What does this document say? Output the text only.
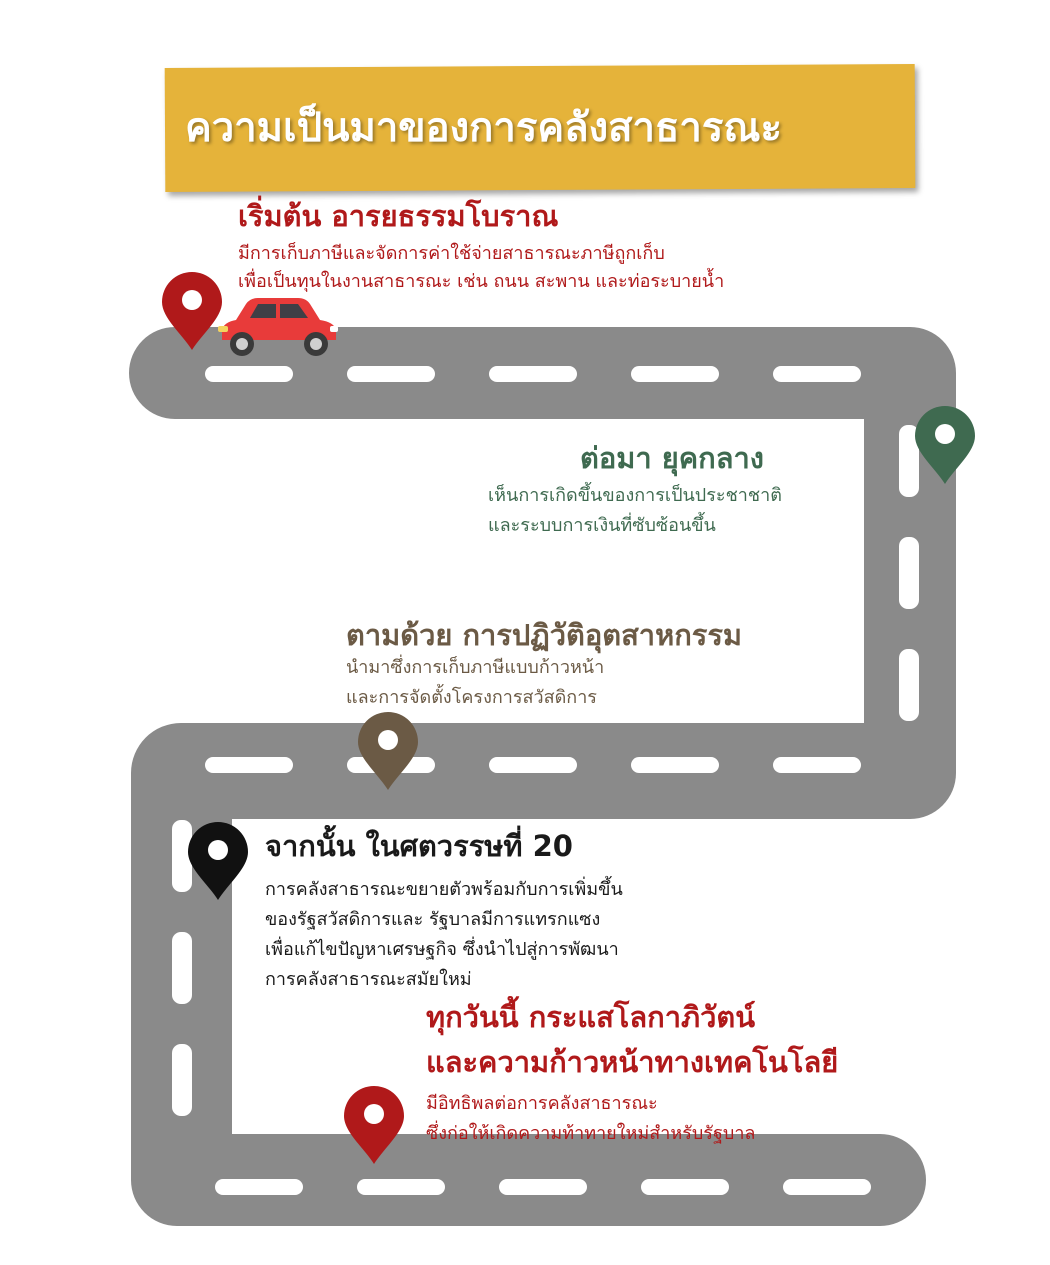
ความเป็นมาของการคลังสาธารณะ
เริ่มต้น อารยธรรมโบราณ
มีการเก็บภาษีและจัดการค่าใช้จ่ายสาธารณะภาษีถูกเก็บ
เพื่อเป็นทุนในงานสาธารณะ เช่น ถนน สะพาน และท่อระบายน้ำ
ต่อมา ยุคกลาง
เห็นการเกิดขึ้นของการเป็นประชาชาติ
และระบบการเงินที่ซับซ้อนขึ้น
ตามด้วย การปฏิวัติอุตสาหกรรม
นำมาซึ่งการเก็บภาษีแบบก้าวหน้า
และการจัดตั้งโครงการสวัสดิการ
จากนั้น ในศตวรรษที่ 20
การคลังสาธารณะขยายตัวพร้อมกับการเพิ่มขึ้น
ของรัฐสวัสดิการและ รัฐบาลมีการแทรกแซง
เพื่อแก้ไขปัญหาเศรษฐกิจ ซึ่งนำไปสู่การพัฒนา
การคลังสาธารณะสมัยใหม่
ทุกวันนี้ กระแสโลกาภิวัตน์
และความก้าวหน้าทางเทคโนโลยี
มีอิทธิพลต่อการคลังสาธารณะ
ซึ่งก่อให้เกิดความท้าทายใหม่สำหรับรัฐบาล
